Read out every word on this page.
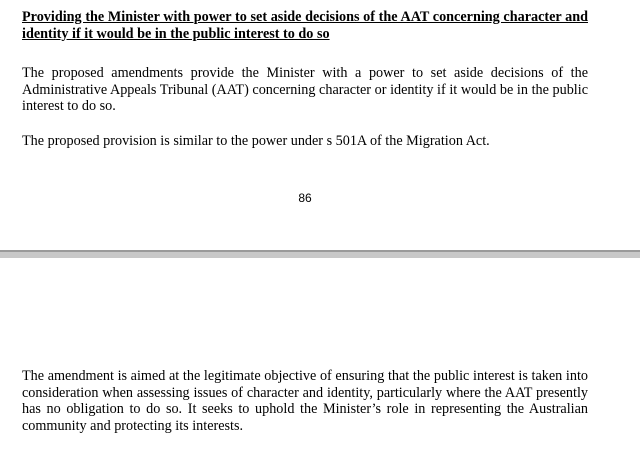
Providing the Minister with power to set aside decisions of the AAT concerning character and identity if it would be in the public interest to do so

The proposed amendments provide the Minister with a power to set aside decisions of the Administrative Appeals Tribunal (AAT) concerning character or identity if it would be in the public interest to do so.

The proposed provision is similar to the power under s 501A of the Migration Act.

86

The amendment is aimed at the legitimate objective of ensuring that the public interest is taken into consideration when assessing issues of character and identity, particularly where the AAT presently has no obligation to do so. It seeks to uphold the Minister’s role in representing the Australian community and protecting its interests.
